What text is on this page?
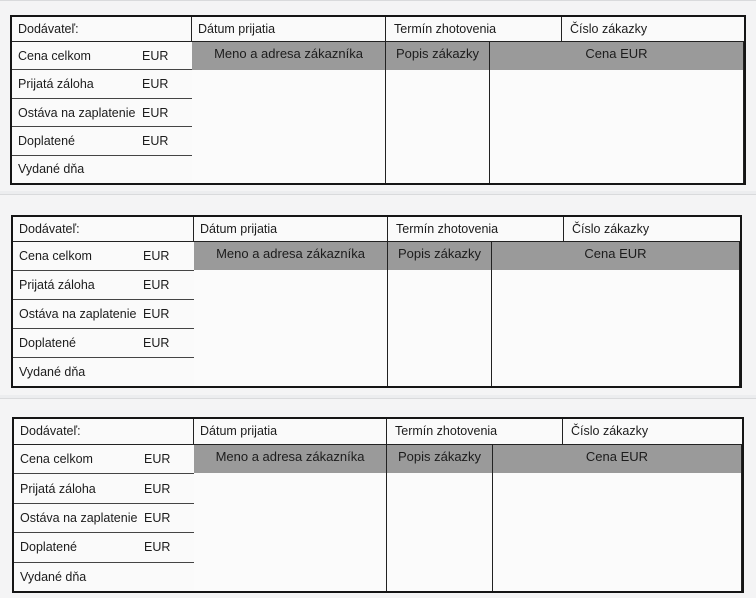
Dodávateľ:	Dátum prijatia	Termín zhotovenia	Číslo zákazky
Meno a adresa zákazníka	Popis zákazky	Cena EUR
Cena celkom	EUR
Prijatá záloha	EUR
Ostáva na zaplatenie EUR
Doplatené	EUR
Vydané dňa
Dodávateľ:	Dátum prijatia	Termín zhotovenia	Číslo zákazky
Meno a adresa zákazníka	Popis zákazky	Cena EUR
Cena celkom	EUR
Prijatá záloha	EUR
Ostáva na zaplatenie EUR
Doplatené	EUR
Vydané dňa
Dodávateľ:	Dátum prijatia	Termín zhotovenia	Číslo zákazky
Meno a adresa zákazníka	Popis zákazky	Cena EUR
Cena celkom	EUR
Prijatá záloha	EUR
Ostáva na zaplatenie EUR
Doplatené	EUR
Vydané dňa
